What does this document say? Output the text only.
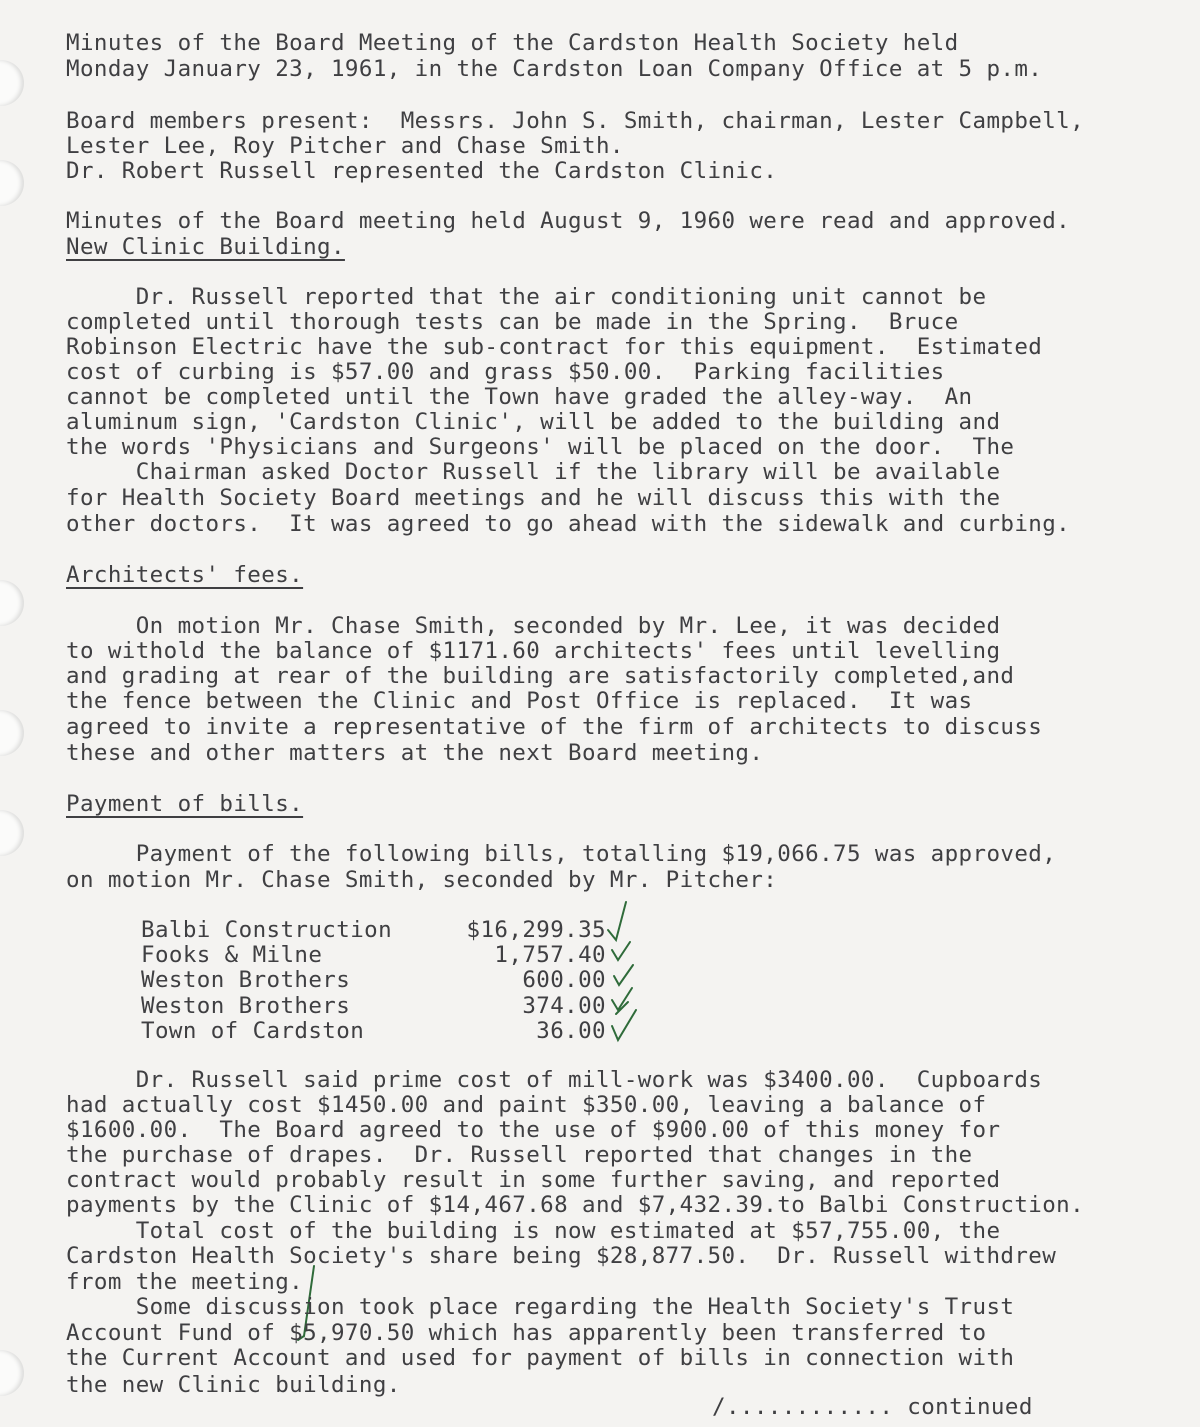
Minutes of the Board Meeting of the Cardston Health Society held
Monday January 23, 1961, in the Cardston Loan Company Office at 5 p.m.
Board members present:  Messrs. John S. Smith, chairman, Lester Campbell,
Lester Lee, Roy Pitcher and Chase Smith.
Dr. Robert Russell represented the Cardston Clinic.
Minutes of the Board meeting held August 9, 1960 were read and approved.
New Clinic Building.
Dr. Russell reported that the air conditioning unit cannot be
completed until thorough tests can be made in the Spring.  Bruce
Robinson Electric have the sub-contract for this equipment.  Estimated
cost of curbing is $57.00 and grass $50.00.  Parking facilities
cannot be completed until the Town have graded the alley-way.  An
aluminum sign, 'Cardston Clinic', will be added to the building and
the words 'Physicians and Surgeons' will be placed on the door.  The
Chairman asked Doctor Russell if the library will be available
for Health Society Board meetings and he will discuss this with the
other doctors.  It was agreed to go ahead with the sidewalk and curbing.
Architects' fees.
On motion Mr. Chase Smith, seconded by Mr. Lee, it was decided
to withold the balance of $1171.60 architects' fees until levelling
and grading at rear of the building are satisfactorily completed,and
the fence between the Clinic and Post Office is replaced.  It was
agreed to invite a representative of the firm of architects to discuss
these and other matters at the next Board meeting.
Payment of bills.
Payment of the following bills, totalling $19,066.75 was approved,
on motion Mr. Chase Smith, seconded by Mr. Pitcher:
Balbi Construction	$16,299.35
Fooks & Milne	1,757.40
Weston Brothers	600.00
Weston Brothers	374.00
Town of Cardston	36.00
Dr. Russell said prime cost of mill-work was $3400.00.  Cupboards
had actually cost $1450.00 and paint $350.00, leaving a balance of
$1600.00.  The Board agreed to the use of $900.00 of this money for
the purchase of drapes.  Dr. Russell reported that changes in the
contract would probably result in some further saving, and reported
payments by the Clinic of $14,467.68 and $7,432.39.to Balbi Construction.
Total cost of the building is now estimated at $57,755.00, the
Cardston Health Society's share being $28,877.50.  Dr. Russell withdrew
from the meeting.
Some discussion took place regarding the Health Society's Trust
Account Fund of $5,970.50 which has apparently been transferred to
the Current Account and used for payment of bills in connection with
the new Clinic building.
/............ continued
